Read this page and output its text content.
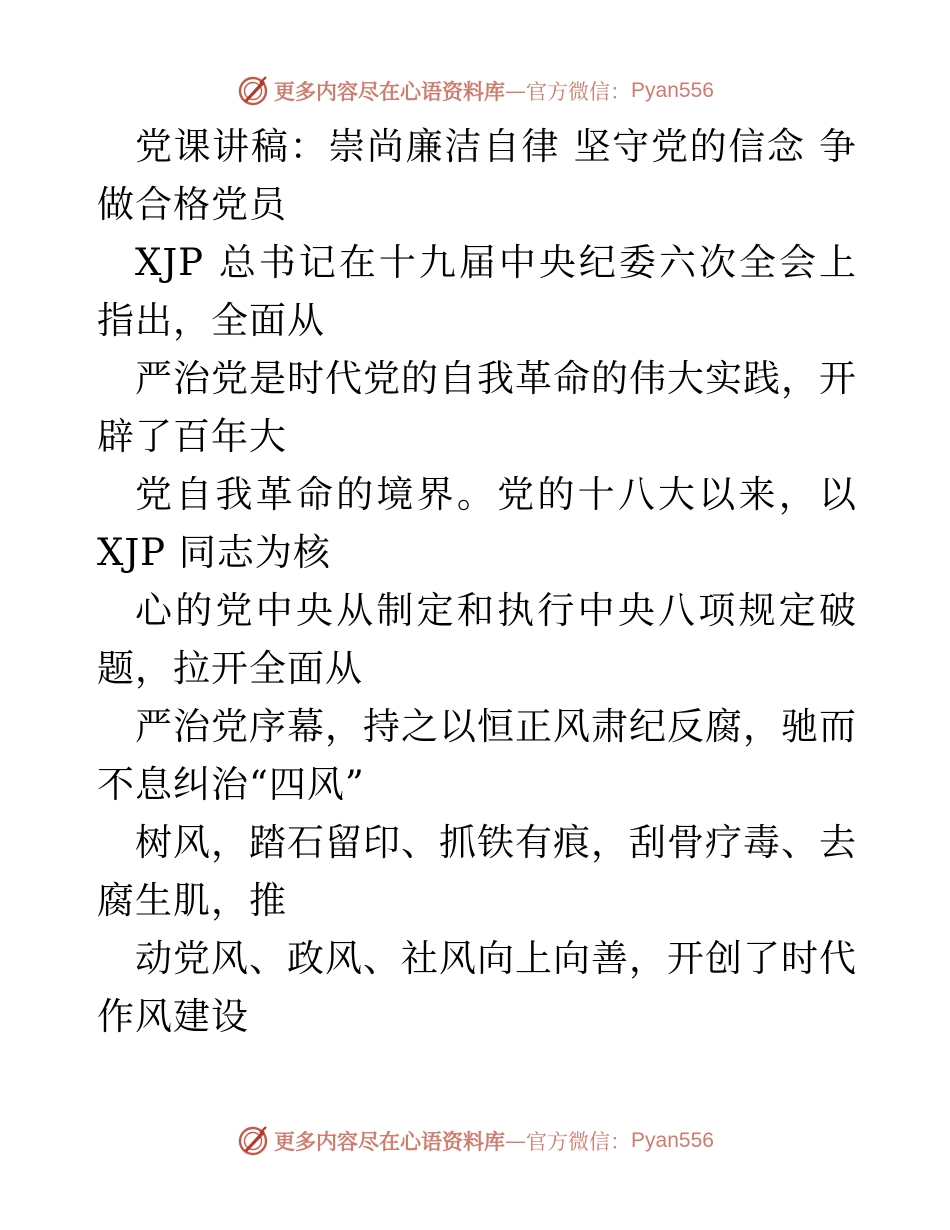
更多内容尽在心语资料库 — 官方微信： Pyan556

党课讲稿：崇尚廉洁自律 坚守党的信念 争做合格党员

XJP 总书记在十九届中央纪委六次全会上指出，全面从

严治党是时代党的自我革命的伟大实践，开辟了百年大

党自我革命的境界。党的十八大以来，以 XJP 同志为核

心的党中央从制定和执行中央八项规定破题，拉开全面从

严治党序幕，持之以恒正风肃纪反腐，驰而不息纠治“四风”

树风，踏石留印、抓铁有痕，刮骨疗毒、去腐生肌，推

动党风、政风、社风向上向善，开创了时代作风建设

更多内容尽在心语资料库 — 官方微信： Pyan556
